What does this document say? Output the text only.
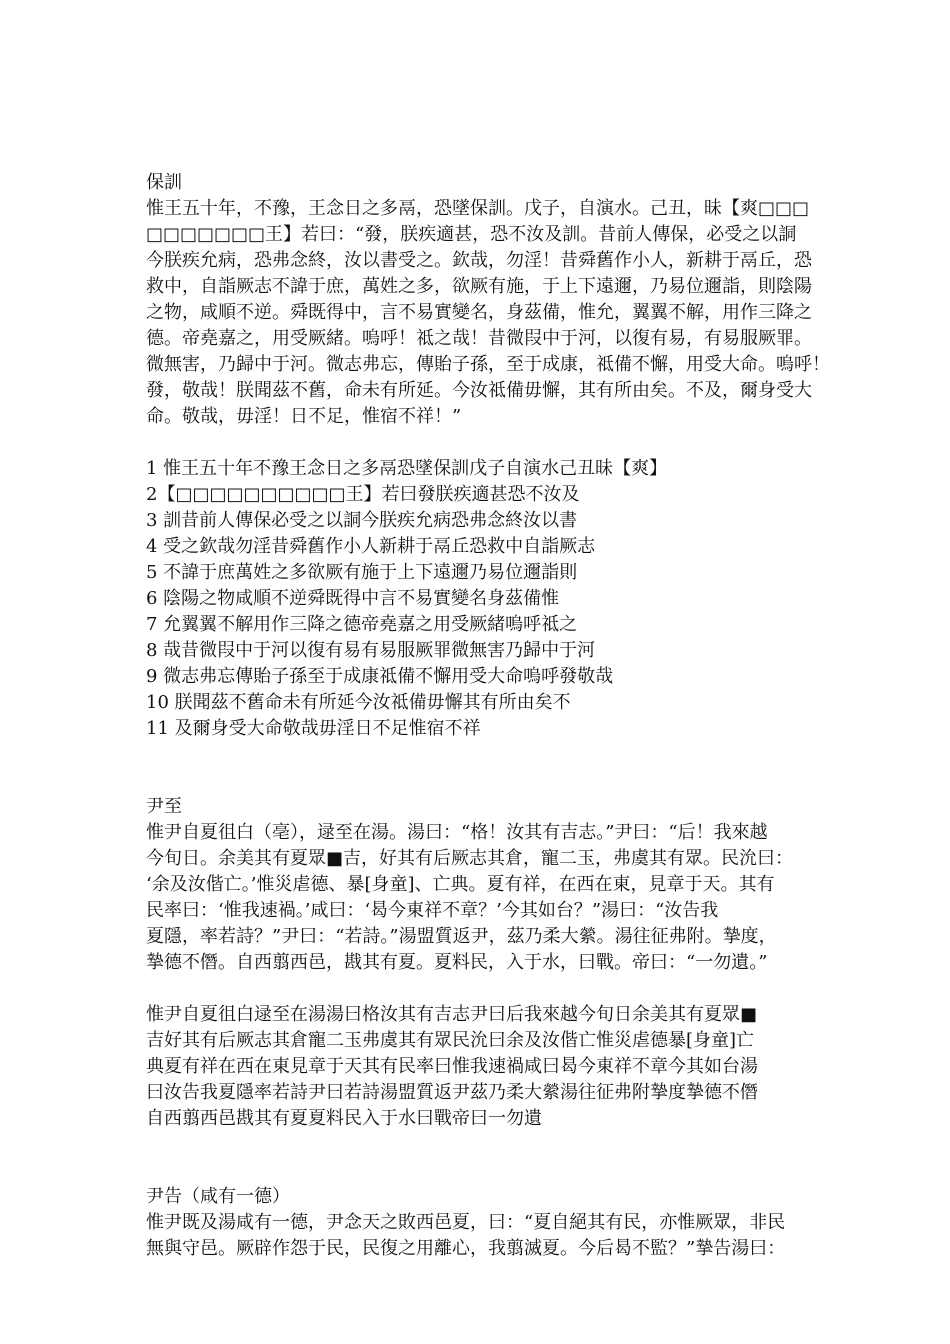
保訓
惟王五十年，不豫，王念日之多鬲，恐墜保訓。戊子，自演水。己丑，昧【爽□□□
□□□□□□□王】若曰：“發，朕疾適甚，恐不汝及訓。昔前人傳保，必受之以詷
今朕疾允病，恐弗念終，汝以書受之。欽哉，勿淫！昔舜舊作小人，新耕于鬲丘，恐
救中，自詣厥志不諱于庶，萬姓之多，欲厥有施，于上下遠邇，乃易位邇詣，則陰陽
之物，咸順不逆。舜既得中，言不易實變名，身茲備，惟允，翼翼不解，用作三降之
德。帝堯嘉之，用受厥緒。嗚呼！祗之哉！昔微叚中于河，以復有易，有易服厥罪。
微無害，乃歸中于河。微志弗忘，傳貽子孫，至于成康，祗備不懈，用受大命。嗚呼！
發，敬哉！朕聞茲不舊，命未有所延。今汝祗備毋懈，其有所由矣。不及，爾身受大
命。敬哉，毋淫！日不足，惟宿不祥！”
1 惟王五十年不豫王念日之多鬲恐墜保訓戊子自演水己丑昧【爽】
2【□□□□□□□□□□王】若曰發朕疾適甚恐不汝及
3 訓昔前人傳保必受之以詷今朕疾允病恐弗念終汝以書
4 受之欽哉勿淫昔舜舊作小人新耕于鬲丘恐救中自詣厥志
5 不諱于庶萬姓之多欲厥有施于上下遠邇乃易位邇詣則
6 陰陽之物咸順不逆舜既得中言不易實變名身茲備惟
7 允翼翼不解用作三降之德帝堯嘉之用受厥緒嗚呼祗之
8 哉昔微叚中于河以復有易有易服厥罪微無害乃歸中于河
9 微志弗忘傳貽子孫至于成康祗備不懈用受大命嗚呼發敬哉
10 朕聞茲不舊命未有所延今汝祗備毋懈其有所由矣不
11 及爾身受大命敬哉毋淫日不足惟宿不祥
尹至
惟尹自夏徂白（亳），逯至在湯。湯曰：“格！汝其有吉志。”尹曰：“后！我來越
今旬日。余美其有夏眾■吉，好其有后厥志其倉，寵二玉，弗虞其有眾。民沇曰：
‘余及汝偕亡。’惟災虐德、暴[身童]、亡典。夏有祥，在西在東，見章于天。其有
民率曰：‘惟我速禍。’咸曰：‘曷今東祥不章？’今其如台？”湯曰：“汝告我
夏隱，率若詩？”尹曰：“若詩。”湯盟質返尹，茲乃柔大縈。湯往征弗附。摯度，
摯德不僭。自西翦西邑，戡其有夏。夏料民，入于水，曰戰。帝曰：“一勿遺。”
惟尹自夏徂白逯至在湯湯曰格汝其有吉志尹曰后我來越今旬日余美其有夏眾■
吉好其有后厥志其倉寵二玉弗虞其有眾民沇曰余及汝偕亡惟災虐德暴[身童]亡
典夏有祥在西在東見章于天其有民率曰惟我速禍咸曰曷今東祥不章今其如台湯
曰汝告我夏隱率若詩尹曰若詩湯盟質返尹茲乃柔大縈湯往征弗附摯度摯德不僭
自西翦西邑戡其有夏夏料民入于水曰戰帝曰一勿遺
尹告（咸有一德）
惟尹既及湯咸有一德，尹念天之敗西邑夏，曰：“夏自絕其有民，亦惟厥眾，非民
無與守邑。厥辟作怨于民，民復之用離心，我翦滅夏。今后曷不監？”摯告湯曰：
